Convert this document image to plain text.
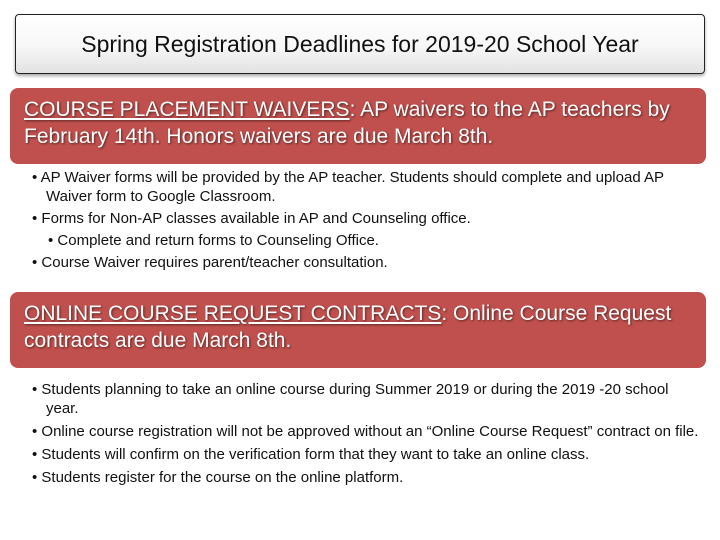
Spring Registration Deadlines for 2019-20 School Year
COURSE PLACEMENT WAIVERS: AP waivers to the AP teachers by February 14th. Honors waivers are due March 8th.
• AP Waiver forms will be provided by the AP teacher. Students should complete and upload AP Waiver form to Google Classroom.
• Forms for Non-AP classes available in AP and Counseling office.
• Complete and return forms to Counseling Office.
• Course Waiver requires parent/teacher consultation.
ONLINE COURSE REQUEST CONTRACTS: Online Course Request contracts are due March 8th.
• Students planning to take an online course during Summer 2019 or during the 2019 -20 school year.
• Online course registration will not be approved without an “Online Course Request” contract on file.
• Students will confirm on the verification form that they want to take an online class.
• Students register for the course on the online platform.
